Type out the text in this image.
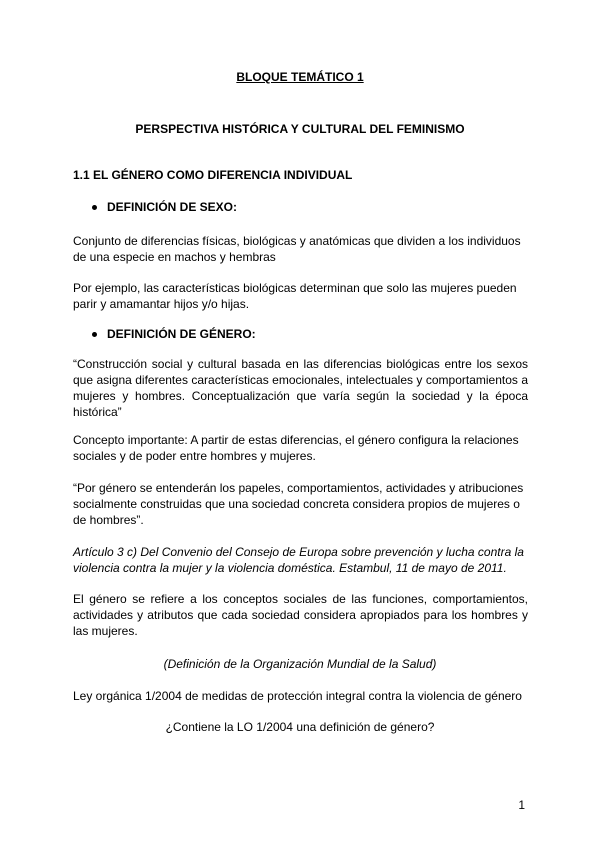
BLOQUE TEMÁTICO 1
PERSPECTIVA HISTÓRICA Y CULTURAL DEL FEMINISMO
1.1 EL GÉNERO COMO DIFERENCIA INDIVIDUAL
DEFINICIÓN DE SEXO:
Conjunto de diferencias físicas, biológicas y anatómicas que dividen a los individuos de una especie en machos y hembras
Por ejemplo, las características biológicas determinan que solo las mujeres pueden parir y amamantar hijos y/o hijas.
DEFINICIÓN DE GÉNERO:
“Construcción social y cultural basada en las diferencias biológicas entre los sexos que asigna diferentes características emocionales, intelectuales y comportamientos a mujeres y hombres. Conceptualización que varía según la sociedad y la época histórica”
Concepto importante: A partir de estas diferencias, el género configura la relaciones sociales y de poder entre hombres y mujeres.
“Por género se entenderán los papeles, comportamientos, actividades y atribuciones socialmente construidas que una sociedad concreta considera propios de mujeres o de hombres”.
Artículo 3 c) Del Convenio del Consejo de Europa sobre prevención y lucha contra la violencia contra la mujer y la violencia doméstica. Estambul, 11 de mayo de 2011.
El género se refiere a los conceptos sociales de las funciones, comportamientos, actividades y atributos que cada sociedad considera apropiados para los hombres y las mujeres.
(Definición de la Organización Mundial de la Salud)
Ley orgánica 1/2004 de medidas de protección integral contra la violencia de género
¿Contiene la LO 1/2004 una definición de género?
1
